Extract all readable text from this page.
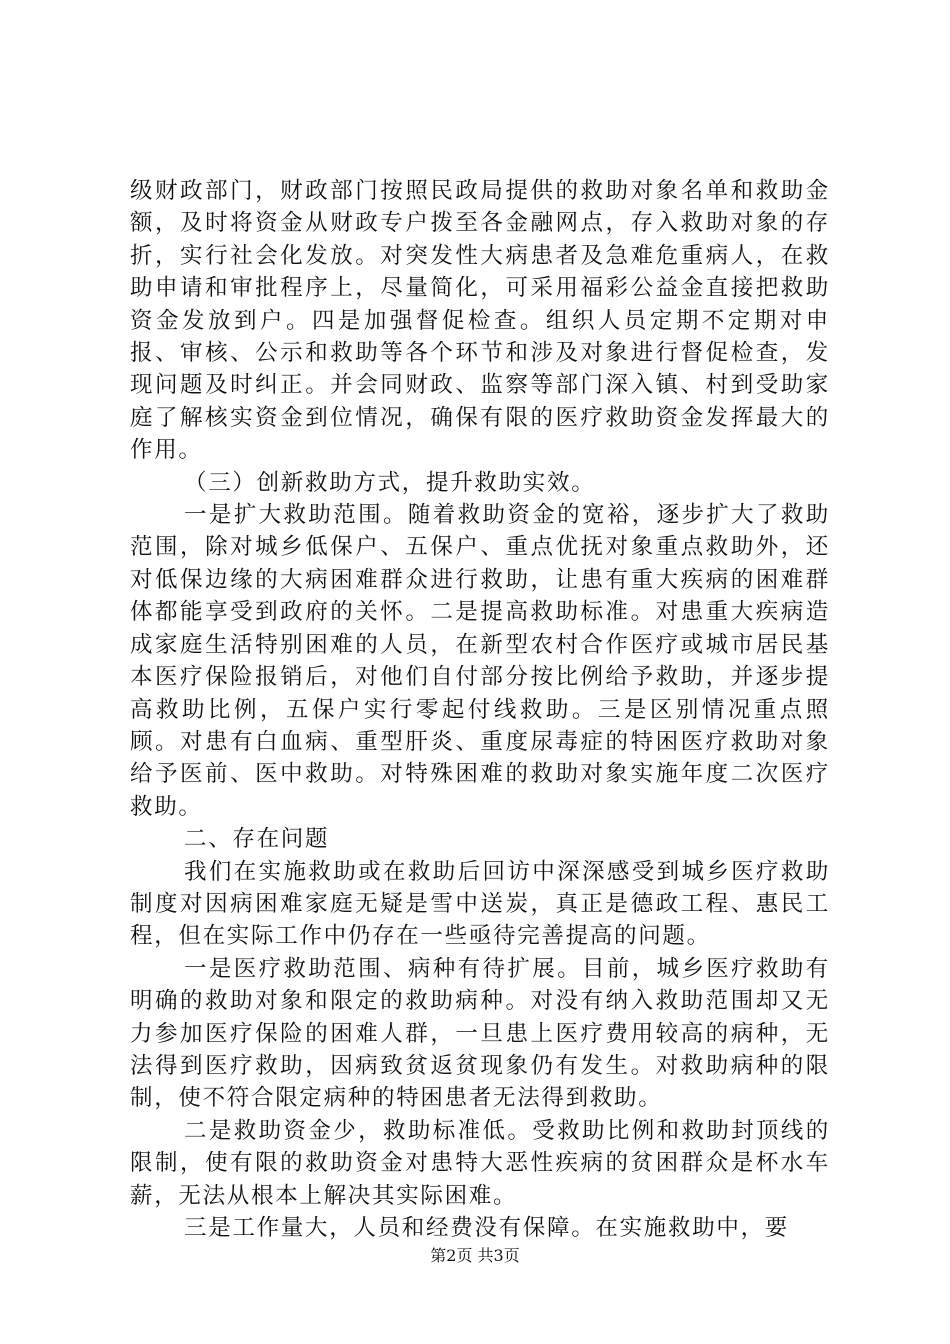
级财政部门，财政部门按照民政局提供的救助对象名单和救助金额，及时将资金从财政专户拨至各金融网点，存入救助对象的存折，实行社会化发放。对突发性大病患者及急难危重病人，在救助申请和审批程序上，尽量简化，可采用福彩公益金直接把救助资金发放到户。四是加强督促检查。组织人员定期不定期对申报、审核、公示和救助等各个环节和涉及对象进行督促检查，发现问题及时纠正。并会同财政、监察等部门深入镇、村到受助家庭了解核实资金到位情况，确保有限的医疗救助资金发挥最大的作用。

（三）创新救助方式，提升救助实效。

一是扩大救助范围。随着救助资金的宽裕，逐步扩大了救助范围，除对城乡低保户、五保户、重点优抚对象重点救助外，还对低保边缘的大病困难群众进行救助，让患有重大疾病的困难群体都能享受到政府的关怀。二是提高救助标准。对患重大疾病造成家庭生活特别困难的人员，在新型农村合作医疗或城市居民基本医疗保险报销后，对他们自付部分按比例给予救助，并逐步提高救助比例，五保户实行零起付线救助。三是区别情况重点照顾。对患有白血病、重型肝炎、重度尿毒症的特困医疗救助对象给予医前、医中救助。对特殊困难的救助对象实施年度二次医疗救助。

二、存在问题

我们在实施救助或在救助后回访中深深感受到城乡医疗救助制度对因病困难家庭无疑是雪中送炭，真正是德政工程、惠民工程，但在实际工作中仍存在一些亟待完善提高的问题。

一是医疗救助范围、病种有待扩展。目前，城乡医疗救助有明确的救助对象和限定的救助病种。对没有纳入救助范围却又无力参加医疗保险的困难人群，一旦患上医疗费用较高的病种，无法得到医疗救助，因病致贫返贫现象仍有发生。对救助病种的限制，使不符合限定病种的特困患者无法得到救助。

二是救助资金少，救助标准低。受救助比例和救助封顶线的限制，使有限的救助资金对患特大恶性疾病的贫困群众是杯水车薪，无法从根本上解决其实际困难。

三是工作量大，人员和经费没有保障。在实施救助中，要

第2页 共3页
